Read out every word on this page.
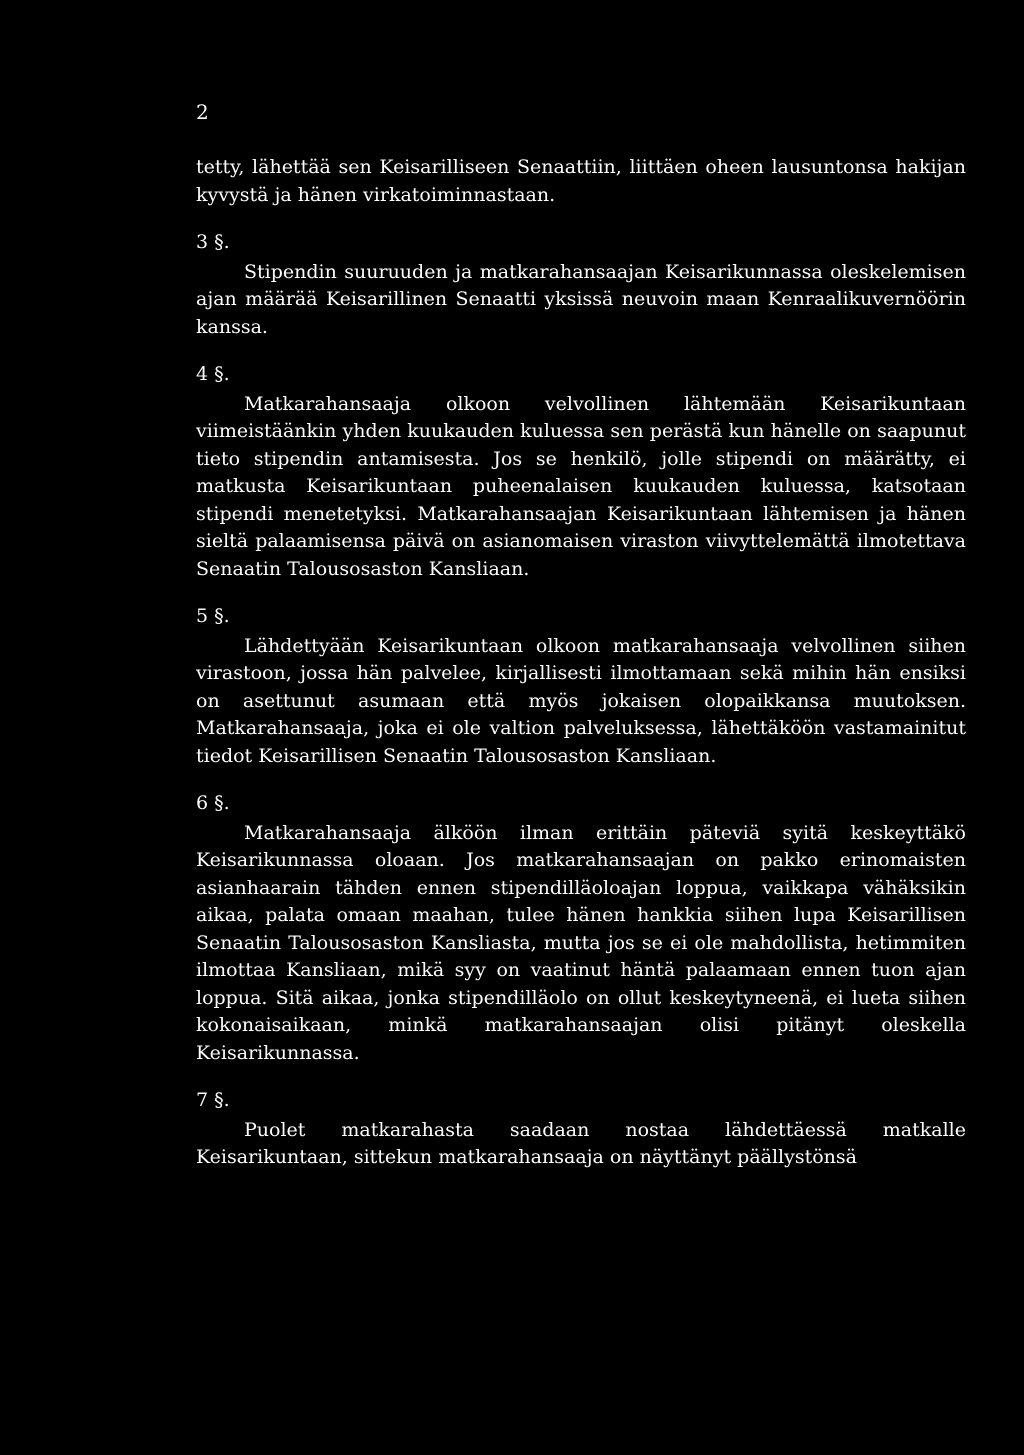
2

tetty, lähettää sen Keisarilliseen Senaattiin, liittäen oheen lausuntonsa hakijan kyvystä ja hänen virkatoiminnastaan.

3 §.

Stipendin suuruuden ja matkarahansaajan Keisarikunnassa oleskelemisen ajan määrää Keisarillinen Senaatti yksissä neuvoin maan Kenraalikuvernöörin kanssa.

4 §.

Matkarahansaaja olkoon velvollinen lähtemään Keisarikuntaan viimeistäänkin yhden kuukauden kuluessa sen perästä kun hänelle on saapunut tieto stipendin antamisesta. Jos se henkilö, jolle stipendi on määrätty, ei matkusta Keisarikuntaan puheenalaisen kuukauden kuluessa, katsotaan stipendi menetetyksi. Matkarahansaajan Keisarikuntaan lähtemisen ja hänen sieltä palaamisensa päivä on asianomaisen viraston viivyttelemättä ilmotettava Senaatin Talousosaston Kansliaan.

5 §.

Lähdettyään Keisarikuntaan olkoon matkarahansaaja velvollinen siihen virastoon, jossa hän palvelee, kirjallisesti ilmottamaan sekä mihin hän ensiksi on asettunut asumaan että myös jokaisen olopaikkansa muutoksen. Matkarahansaaja, joka ei ole valtion palveluksessa, lähettäköön vastamainitut tiedot Keisarillisen Senaatin Talousosaston Kansliaan.

6 §.

Matkarahansaaja älköön ilman erittäin päteviä syitä keskeyttäkö Keisarikunnassa oloaan. Jos matkarahansaajan on pakko erinomaisten asianhaarain tähden ennen stipendilläoloajan loppua, vaikkapa vähäksikin aikaa, palata omaan maahan, tulee hänen hankkia siihen lupa Keisarillisen Senaatin Talousosaston Kansliasta, mutta jos se ei ole mahdollista, hetimmiten ilmottaa Kansliaan, mikä syy on vaatinut häntä palaamaan ennen tuon ajan loppua. Sitä aikaa, jonka stipendilläolo on ollut keskeytyneenä, ei lueta siihen kokonaisaikaan, minkä matkarahansaajan olisi pitänyt oleskella Keisarikunnassa.

7 §.

Puolet matkarahasta saadaan nostaa lähdettäessä matkalle Keisarikuntaan, sittekun matkarahansaaja on näyttänyt päällystönsä
